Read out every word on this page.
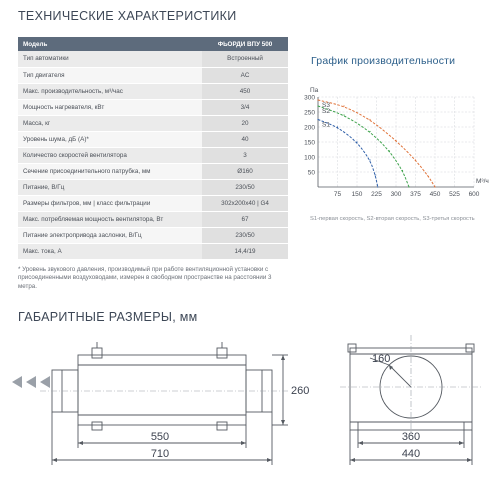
ТЕХНИЧЕСКИЕ ХАРАКТЕРИСТИКИ
Модель	ФЬОРДИ ВПУ 500
Тип автоматики	Встроенный
Тип двигателя	AC
Макс. производительность, м³/час	450
Мощность нагревателя, кВт	3/4
Масса, кг	20
Уровень шума, дБ (А)*	40
Количество скоростей вентилятора	3
Сечение присоединительного патрубка, мм	Ø160
Питание, В/Гц	230/50
Размеры фильтров, мм | класс фильтрации	302х200х40 | G4
Макс. потребляемая мощность вентилятора, Вт	67
Питание электропривода заслонки, В/Гц	230/50
Макс. тока, А	14,4/19
* Уровень звукового давления, производимый при работе вентиляционной установки с присоединенными воздуховодами, измерен в свободном пространстве на расстоянии 3 метра.
График производительности
75 150 225 300 375 450 525 600
50
100
150
200
250
300
Па
М³/ч
S3
S2
S1
S1-первая скорость, S2-вторая скорость, S3-третья скорость
ГАБАРИТНЫЕ РАЗМЕРЫ, мм
550
710
260
160
360
440
